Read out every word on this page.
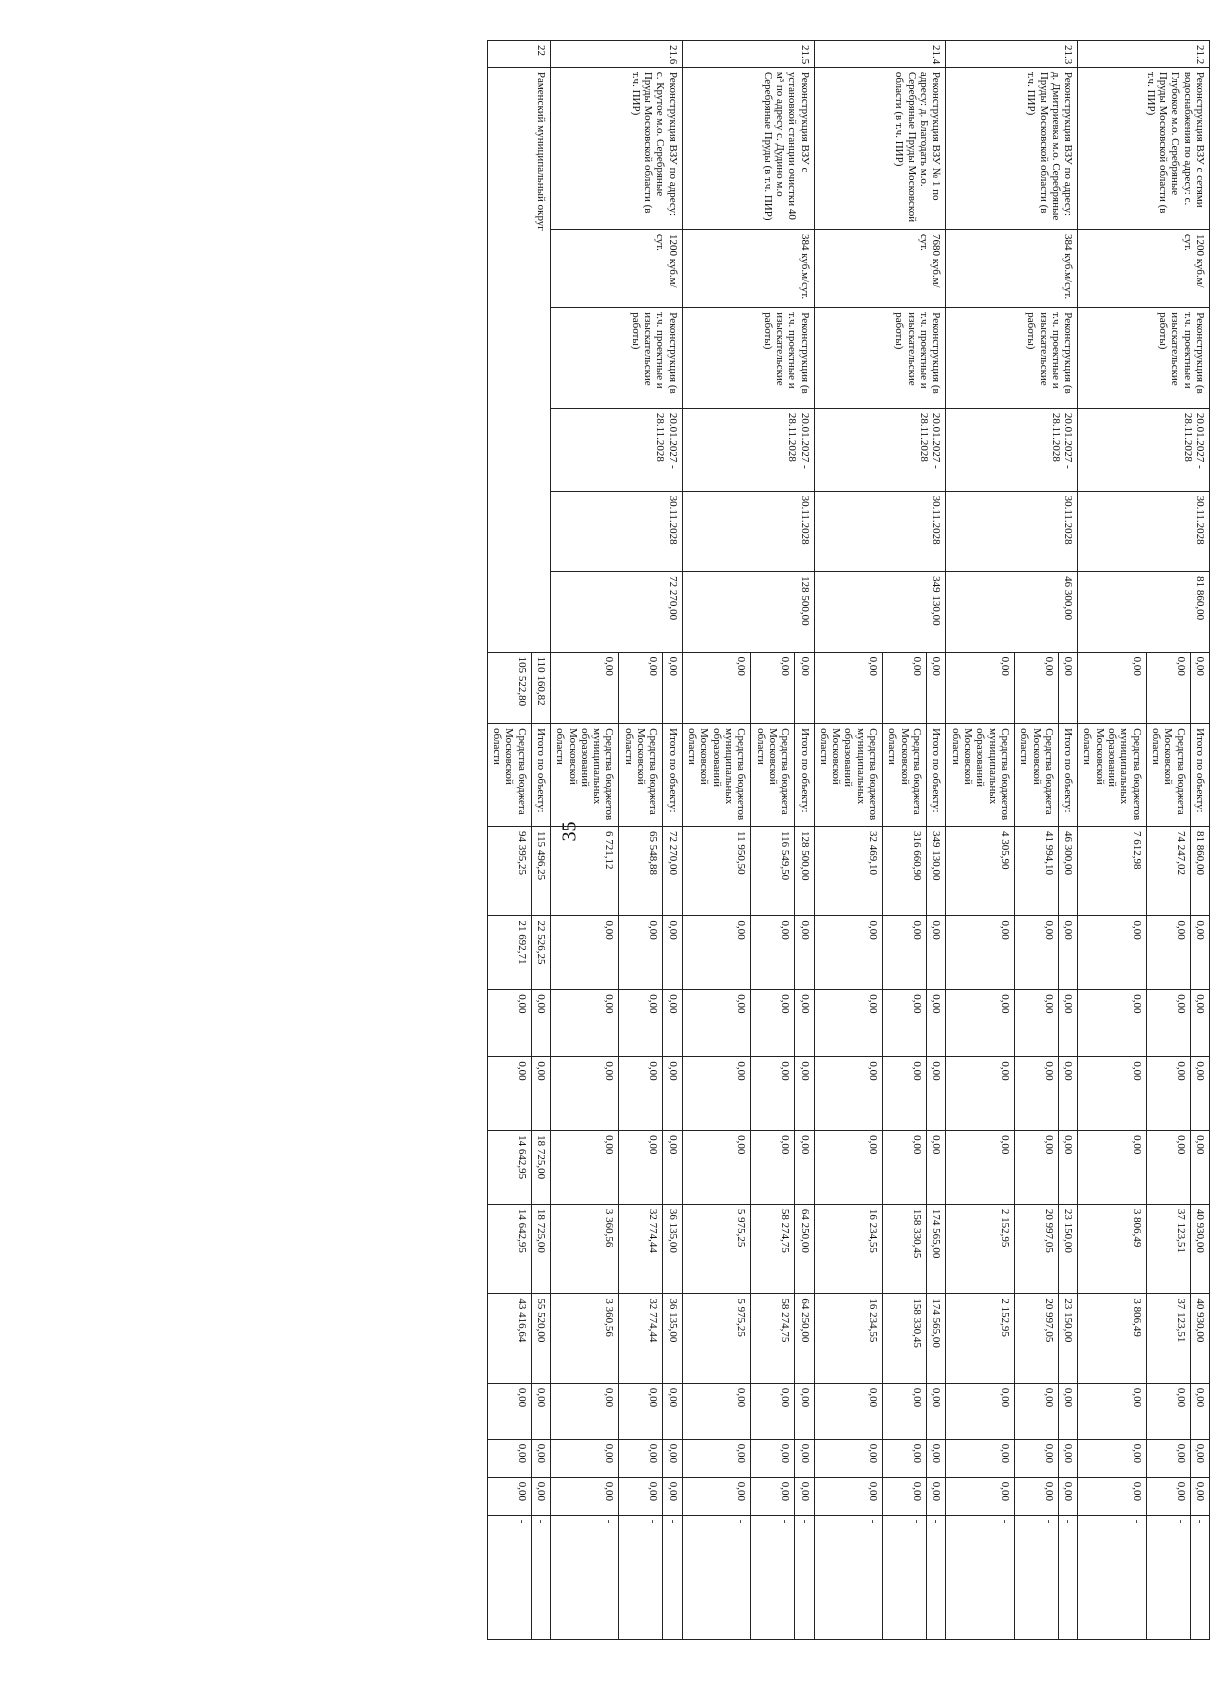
35
21.2	Реконструкция ВЗУ с сетями водоснабжения по адресу: с. Глубокое м.о. Серебряные Пруды Московской области (в т.ч. ПИР)	1200 куб.м/сут.	Реконструкция (в т.ч. проектные и изыскательские работы)	20.01.2027 - 28.11.2028	30.11.2028	81 860,00	0,00	Итого по объекту:	81 860,00	0,00	0,00	0,00	0,00	40 930,00	40 930,00	0,00	0,00	0,00	-
							0,00	Средства бюджета Московской области	74 247,02	0,00	0,00	0,00	0,00	37 123,51	37 123,51	0,00	0,00	0,00	-
							0,00	Средства бюджетов муниципальных образований Московской области	7 612,98	0,00	0,00	0,00	0,00	3 806,49	3 806,49	0,00	0,00	0,00	-
21.3	Реконструкция ВЗУ по адресу: д. Дмитриевка м.о. Серебряные Пруды Московской области (в т.ч. ПИР)	384 куб.м/сут.	Реконструкция (в т.ч. проектные и изыскательские работы)	20.01.2027 - 28.11.2028	30.11.2028	46 300,00	0,00	Итого по объекту:	46 300,00	0,00	0,00	0,00	0,00	23 150,00	23 150,00	0,00	0,00	0,00	-
							0,00	Средства бюджета Московской области	41 994,10	0,00	0,00	0,00	0,00	20 997,05	20 997,05	0,00	0,00	0,00	-
							0,00	Средства бюджетов муниципальных образований Московской области	4 305,90	0,00	0,00	0,00	0,00	2 152,95	2 152,95	0,00	0,00	0,00	-
21.4	Реконструкция ВЗУ № 1 по адресу: д. Благодать м.о. Серебряные Пруды Московской области (в т.ч. ПИР)	7680 куб.м/сут.	Реконструкция (в т.ч. проектные и изыскательские работы)	20.01.2027 - 28.11.2028	30.11.2028	349 130,00	0,00	Итого по объекту:	349 130,00	0,00	0,00	0,00	0,00	174 565,00	174 565,00	0,00	0,00	0,00	-
							0,00	Средства бюджета Московской области	316 660,90	0,00	0,00	0,00	0,00	158 330,45	158 330,45	0,00	0,00	0,00	-
							0,00	Средства бюджетов муниципальных образований Московской области	32 469,10	0,00	0,00	0,00	0,00	16 234,55	16 234,55	0,00	0,00	0,00	-
21.5	Реконструкция ВЗУ с установкой станции очистки 40 м³ по адресу с. Дудино м.о Серебряные Пруды (в т.ч. ПИР)	384 куб.м/сут.	Реконструкция (в т.ч. проектные и изыскательские работы)	20.01.2027 - 28.11.2028	30.11.2028	128 500,00	0,00	Итого по объекту:	128 500,00	0,00	0,00	0,00	0,00	64 250,00	64 250,00	0,00	0,00	0,00	-
							0,00	Средства бюджета Московской области	116 549,50	0,00	0,00	0,00	0,00	58 274,75	58 274,75	0,00	0,00	0,00	-
							0,00	Средства бюджетов муниципальных образований Московской области	11 950,50	0,00	0,00	0,00	0,00	5 975,25	5 975,25	0,00	0,00	0,00	-
21.6	Реконструкция ВЗУ по адресу: с. Крутое м.о. Серебряные Пруды Московской области (в т.ч. ПИР)	1200 куб.м/сут.	Реконструкция (в т.ч. проектные и изыскательские работы)	20.01.2027 - 28.11.2028	30.11.2028	72 270,00	0,00	Итого по объекту:	72 270,00	0,00	0,00	0,00	0,00	36 135,00	36 135,00	0,00	0,00	0,00	-
							0,00	Средства бюджета Московской области	65 548,88	0,00	0,00	0,00	0,00	32 774,44	32 774,44	0,00	0,00	0,00	-
							0,00	Средства бюджетов муниципальных образований Московской области	6 721,12	0,00	0,00	0,00	0,00	3 360,56	3 360,56	0,00	0,00	0,00	-
22	Раменский муниципальный округ						110 160,82	Итого по объекту:	115 496,25	22 526,25	0,00	0,00	18 725,00	18 725,00	55 520,00	0,00	0,00	0,00	-
							105 522,80	Средства бюджета Московской области	94 395,25	21 692,71	0,00	0,00	14 642,95	14 642,95	43 416,64	0,00	0,00	0,00	-
